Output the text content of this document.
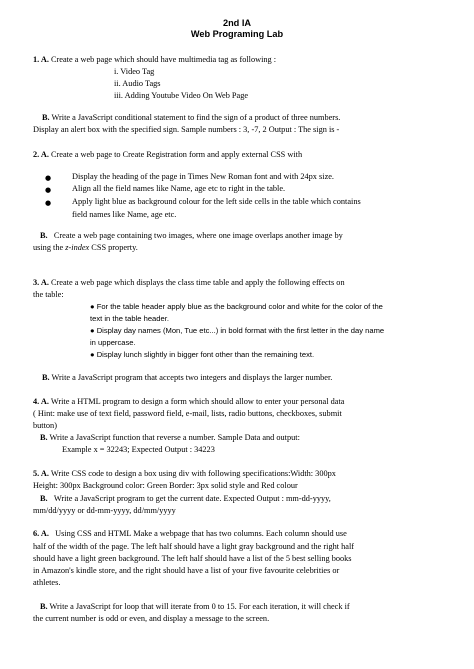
2nd IA
Web Programing Lab
1. A. Create a web page which should have multimedia tag as following :
i. Video Tag
ii. Audio Tags
iii. Adding Youtube Video On Web Page
B. Write a JavaScript conditional statement to find the sign of a product of three numbers.
Display an alert box with the specified sign. Sample numbers : 3, -7, 2 Output : The sign is -
2. A. Create a web page to Create Registration form and apply external CSS with
●	Display the heading of the page in Times New Roman font and with 24px size.
●	Align all the field names like Name, age etc to right in the table.
●	Apply light blue as background colour for the left side cells in the table which contains
field names like Name, age etc.
B. Create a web page containing two images, where one image overlaps another image by
using the z-index CSS property.
3. A. Create a web page which displays the class time table and apply the following effects on
the table:
● For the table header apply blue as the background color and white for the color of the
text in the table header.
● Display day names (Mon, Tue etc...) in bold format with the first letter in the day name
in uppercase.
● Display lunch slightly in bigger font other than the remaining text.
B. Write a JavaScript program that accepts two integers and displays the larger number.
4. A. Write a HTML program to design a form which should allow to enter your personal data
( Hint: make use of text field, password field, e-mail, lists, radio buttons, checkboxes, submit
button)
B. Write a JavaScript function that reverse a number. Sample Data and output:
Example x = 32243; Expected Output : 34223
5. A. Write CSS code to design a box using div with following specifications:Width: 300px
Height: 300px Background color: Green Border: 3px solid style and Red colour
B. Write a JavaScript program to get the current date. Expected Output : mm-dd-yyyy,
mm/dd/yyyy or dd-mm-yyyy, dd/mm/yyyy
6. A. Using CSS and HTML Make a webpage that has two columns. Each column should use
half of the width of the page. The left half should have a light gray background and the right half
should have a light green background. The left half should have a list of the 5 best selling books
in Amazon's kindle store, and the right should have a list of your five favourite celebrities or
athletes.
B. Write a JavaScript for loop that will iterate from 0 to 15. For each iteration, it will check if
the current number is odd or even, and display a message to the screen.
